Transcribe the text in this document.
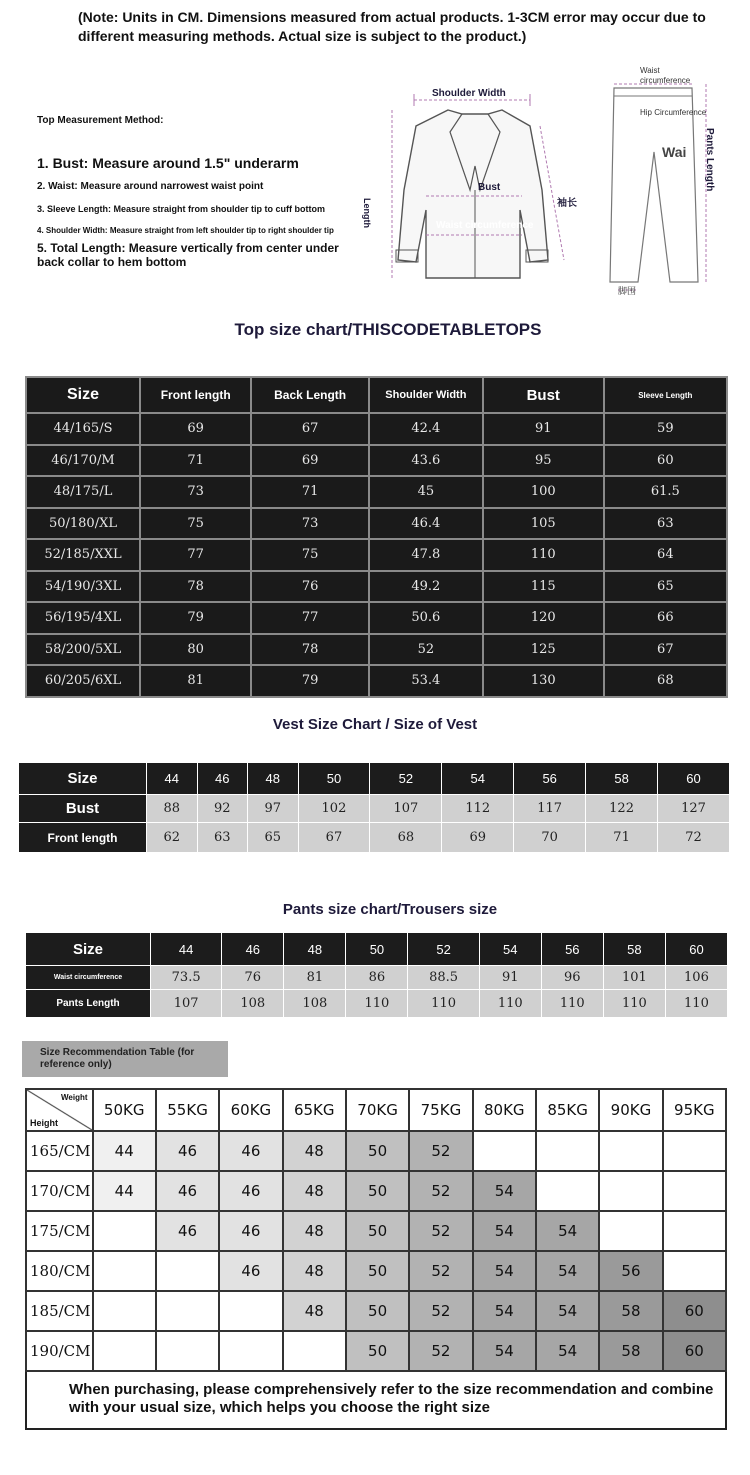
(Note: Units in CM. Dimensions measured from actual products. 1-3CM error may occur due to different measuring methods. Actual size is subject to the product.)
Top Measurement Method:
1. Bust: Measure around 1.5" underarm
2. Waist: Measure around narrowest waist point
3. Sleeve Length: Measure straight from shoulder tip to cuff bottom
4. Shoulder Width: Measure straight from left shoulder tip to right shoulder tip
5. Total Length: Measure vertically from center under back collar to hem bottom
Shoulder Width
Length
Bust
Waist circumference
袖长
Waist circumference
Hip Circumference
Wai Pants Length
脚围
Top size chart/THISCODETABLETOPS
Size	Front length	Back Length	Shoulder Width	Bust	Sleeve Length
44/165/S	69	67	42.4	91	59
46/170/M	71	69	43.6	95	60
48/175/L	73	71	45	100	61.5
50/180/XL	75	73	46.4	105	63
52/185/XXL	77	75	47.8	110	64
54/190/3XL	78	76	49.2	115	65
56/195/4XL	79	77	50.6	120	66
58/200/5XL	80	78	52	125	67
60/205/6XL	81	79	53.4	130	68
Vest Size Chart / Size of Vest
Size	44	46	48	50	52	54	56	58	60
Bust	88	92	97	102	107	112	117	122	127
Front length	62	63	65	67	68	69	70	71	72
Pants size chart/Trousers size
Size	44	46	48	50	52	54	56	58	60
Waist circumference	73.5	76	81	86	88.5	91	96	101	106
Pants Length	107	108	108	110	110	110	110	110	110
Size Recommendation Table (for reference only)
Weight
Height	50KG	55KG	60KG	65KG	70KG	75KG	80KG	85KG	90KG	95KG
165/CM	44	46	46	48	50	52				
170/CM	44	46	46	48	50	52	54			
175/CM		46	46	48	50	52	54	54		
180/CM			46	48	50	52	54	54	56	
185/CM				48	50	52	54	54	58	60
190/CM					50	52	54	54	58	60
When purchasing, please comprehensively refer to the size recommendation and combine with your usual size, which helps you choose the right size
